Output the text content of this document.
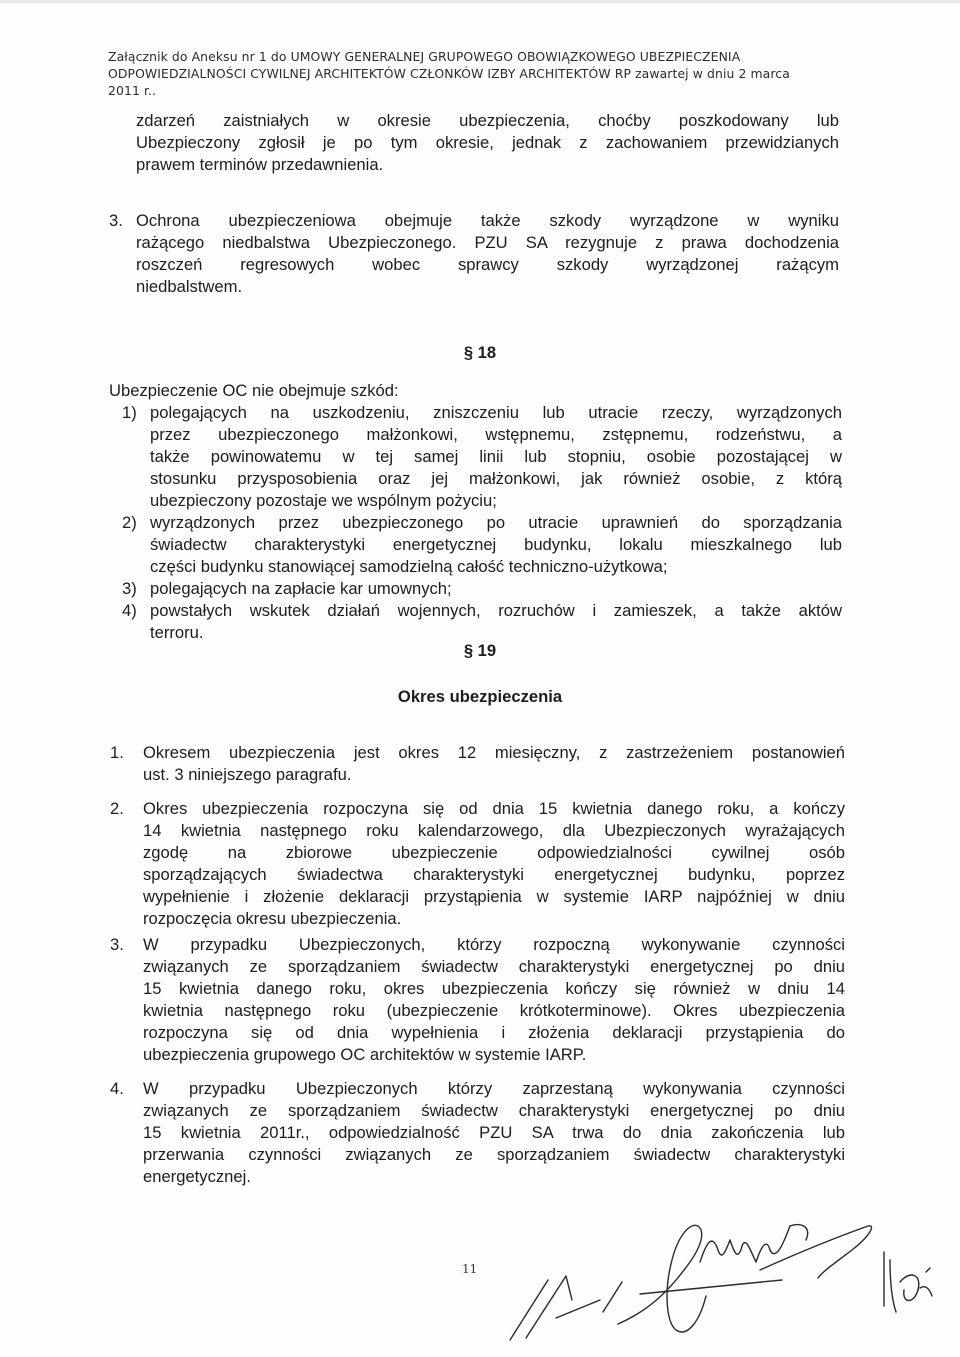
Załącznik do Aneksu nr 1 do UMOWY GENERALNEJ GRUPOWEGO OBOWIĄZKOWEGO UBEZPIECZENIA
ODPOWIEDZIALNOŚCI CYWILNEJ ARCHITEKTÓW CZŁONKÓW IZBY ARCHITEKTÓW RP zawartej w dniu 2 marca
2011 r..
zdarzeń zaistniałych w okresie ubezpieczenia, choćby poszkodowany lub
Ubezpieczony zgłosił je po tym okresie, jednak z zachowaniem przewidzianych
prawem terminów przedawnienia.
3. Ochrona ubezpieczeniowa obejmuje także szkody wyrządzone w wyniku
rażącego niedbalstwa Ubezpieczonego. PZU SA rezygnuje z prawa dochodzenia
roszczeń regresowych wobec sprawcy szkody wyrządzonej rażącym
niedbalstwem.
§ 18
Ubezpieczenie OC nie obejmuje szkód:
1) polegających na uszkodzeniu, zniszczeniu lub utracie rzeczy, wyrządzonych
przez ubezpieczonego małżonkowi, wstępnemu, zstępnemu, rodzeństwu, a
także powinowatemu w tej samej linii lub stopniu, osobie pozostającej w
stosunku przysposobienia oraz jej małżonkowi, jak również osobie, z którą
ubezpieczony pozostaje we wspólnym pożyciu;
2) wyrządzonych przez ubezpieczonego po utracie uprawnień do sporządzania
świadectw charakterystyki energetycznej budynku, lokalu mieszkalnego lub
części budynku stanowiącej samodzielną całość techniczno-użytkowa;
3) polegających na zapłacie kar umownych;
4) powstałych wskutek działań wojennych, rozruchów i zamieszek, a także aktów
terroru.
§ 19
Okres ubezpieczenia
1. Okresem ubezpieczenia jest okres 12 miesięczny, z zastrzeżeniem postanowień
ust. 3 niniejszego paragrafu.
2. Okres ubezpieczenia rozpoczyna się od dnia 15 kwietnia danego roku, a kończy
14 kwietnia następnego roku kalendarzowego, dla Ubezpieczonych wyrażających
zgodę na zbiorowe ubezpieczenie odpowiedzialności cywilnej osób
sporządzających świadectwa charakterystyki energetycznej budynku, poprzez
wypełnienie i złożenie deklaracji przystąpienia w systemie IARP najpóźniej w dniu
rozpoczęcia okresu ubezpieczenia.
3. W przypadku Ubezpieczonych, którzy rozpoczną wykonywanie czynności
związanych ze sporządzaniem świadectw charakterystyki energetycznej po dniu
15 kwietnia danego roku, okres ubezpieczenia kończy się również w dniu 14
kwietnia następnego roku (ubezpieczenie krótkoterminowe). Okres ubezpieczenia
rozpoczyna się od dnia wypełnienia i złożenia deklaracji przystąpienia do
ubezpieczenia grupowego OC architektów w systemie IARP.
4. W przypadku Ubezpieczonych którzy zaprzestaną wykonywania czynności
związanych ze sporządzaniem świadectw charakterystyki energetycznej po dniu
15 kwietnia 2011r., odpowiedzialność PZU SA trwa do dnia zakończenia lub
przerwania czynności związanych ze sporządzaniem świadectw charakterystyki
energetycznej.
11
